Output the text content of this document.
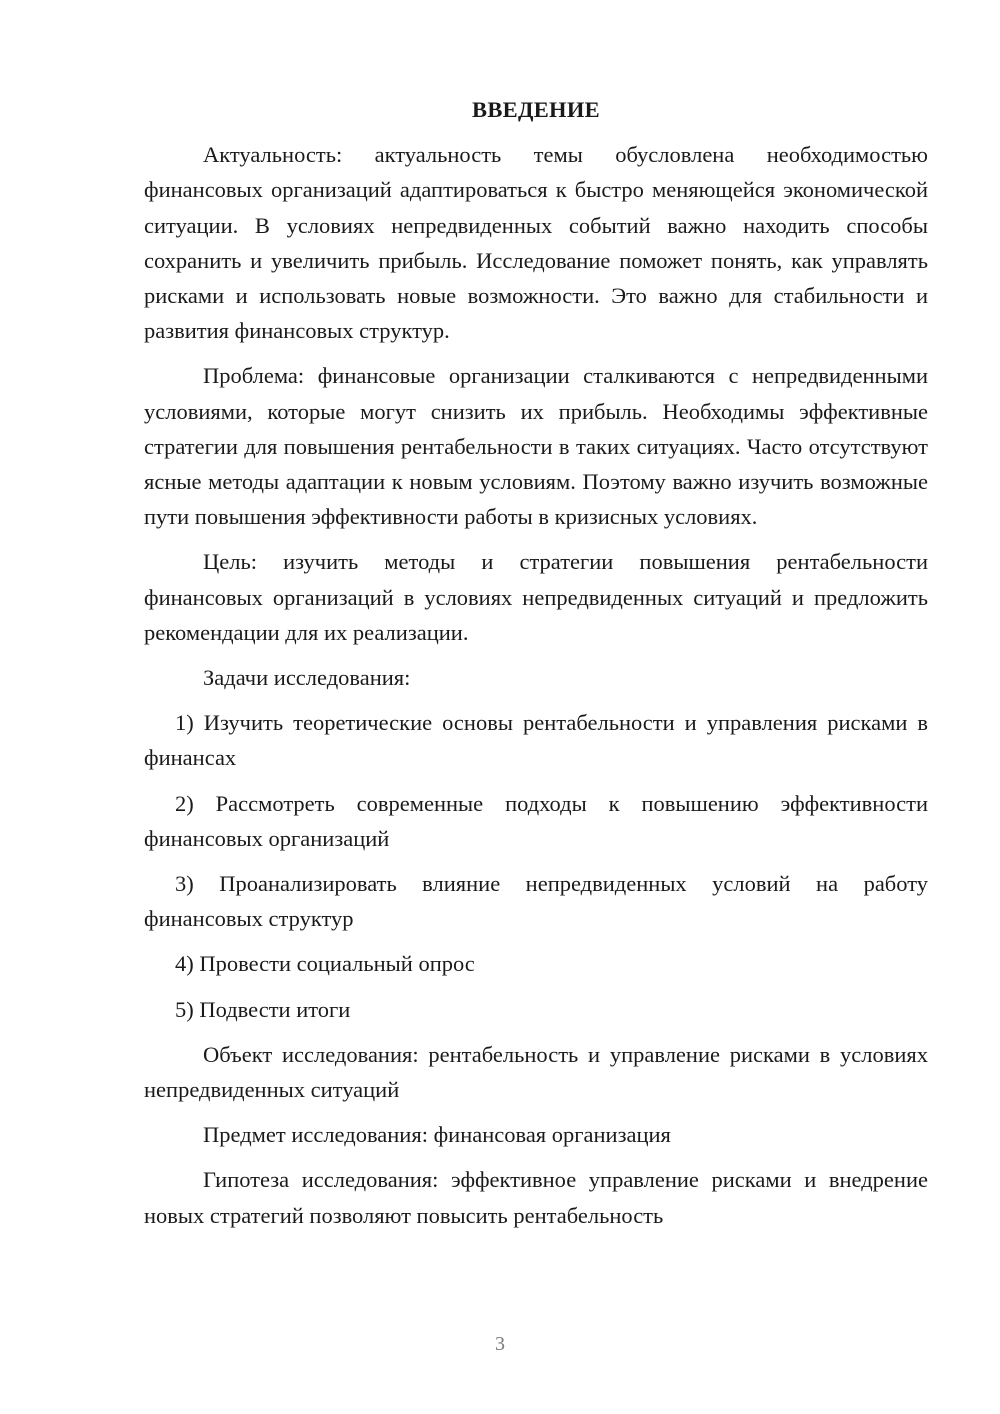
ВВЕДЕНИЕ

Актуальность: актуальность темы обусловлена необходимостью финансовых организаций адаптироваться к быстро меняющейся экономической ситуации. В условиях непредвиденных событий важно находить способы сохранить и увеличить прибыль. Исследование поможет понять, как управлять рисками и использовать новые возможности. Это важно для стабильности и развития финансовых структур.

Проблема: финансовые организации сталкиваются с непредвиденными условиями, которые могут снизить их прибыль. Необходимы эффективные стратегии для повышения рентабельности в таких ситуациях. Часто отсутствуют ясные методы адаптации к новым условиям. Поэтому важно изучить возможные пути повышения эффективности работы в кризисных условиях.

Цель: изучить методы и стратегии повышения рентабельности финансовых организаций в условиях непредвиденных ситуаций и предложить рекомендации для их реализации.

Задачи исследования:

1) Изучить теоретические основы рентабельности и управления рисками в финансах

2) Рассмотреть современные подходы к повышению эффективности финансовых организаций

3) Проанализировать влияние непредвиденных условий на работу финансовых структур

4) Провести социальный опрос

5) Подвести итоги

Объект исследования: рентабельность и управление рисками в условиях непредвиденных ситуаций

Предмет исследования: финансовая организация

Гипотеза исследования: эффективное управление рисками и внедрение новых стратегий позволяют повысить рентабельность

3
